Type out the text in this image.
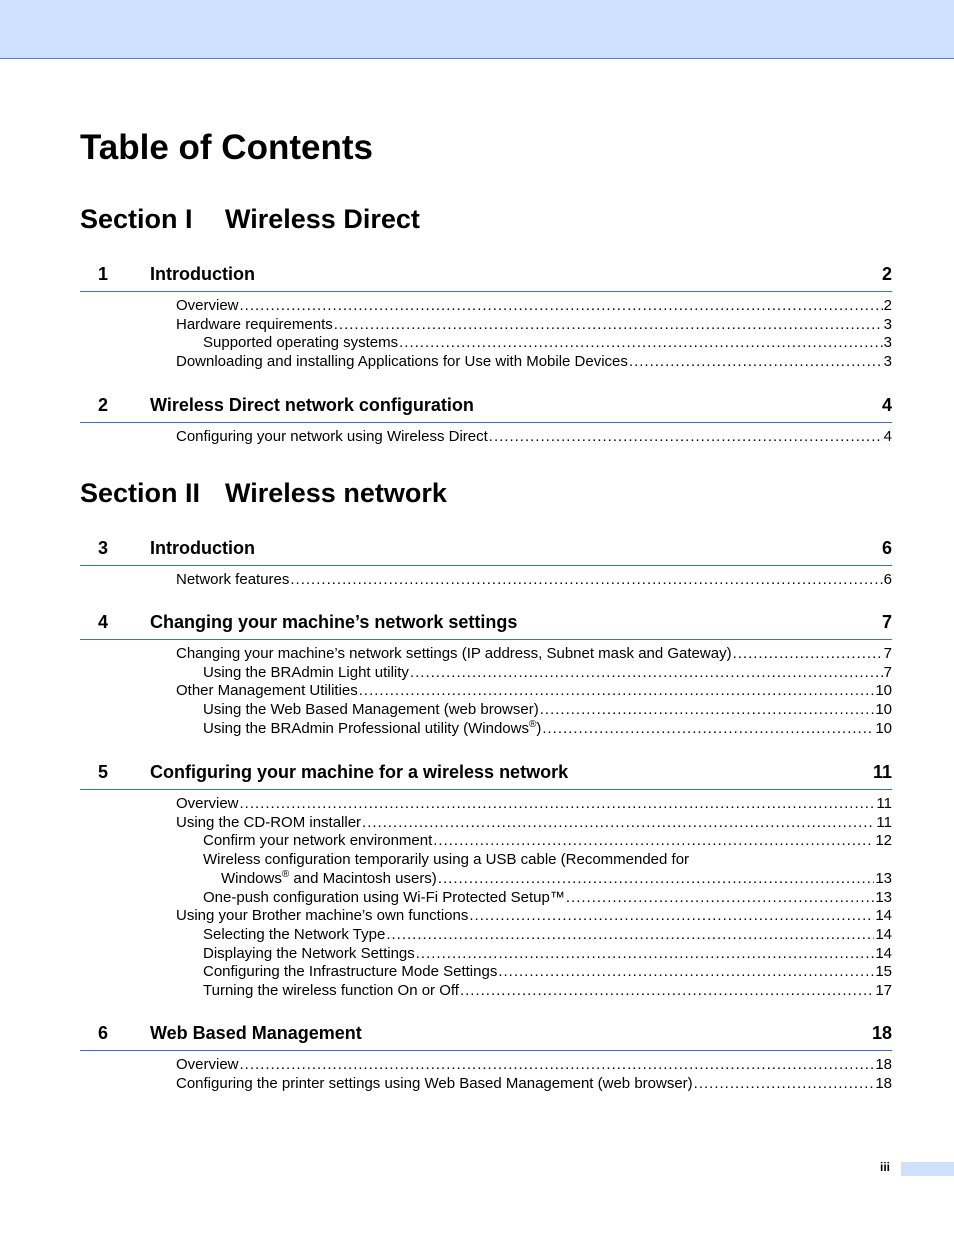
Table of Contents
Section I Wireless Direct
1 Introduction	2
Overview .....	2
Hardware requirements .....	3
Supported operating systems .....	3
Downloading and installing Applications for Use with Mobile Devices .....	3
2 Wireless Direct network configuration	4
Configuring your network using Wireless Direct .....	4
Section II Wireless network
3 Introduction	6
Network features .....	6
4 Changing your machine’s network settings	7
Changing your machine’s network settings (IP address, Subnet mask and Gateway) .....	7
Using the BRAdmin Light utility .....	7
Other Management Utilities .....	10
Using the Web Based Management (web browser) .....	10
Using the BRAdmin Professional utility (Windows®) .....	10
5 Configuring your machine for a wireless network	11
Overview .....	11
Using the CD-ROM installer .....	11
Confirm your network environment .....	12
Wireless configuration temporarily using a USB cable (Recommended for
Windows® and Macintosh users) .....	13
One-push configuration using Wi-Fi Protected Setup™ .....	13
Using your Brother machine’s own functions .....	14
Selecting the Network Type .....	14
Displaying the Network Settings .....	14
Configuring the Infrastructure Mode Settings .....	15
Turning the wireless function On or Off .....	17
6 Web Based Management	18
Overview .....	18
Configuring the printer settings using Web Based Management (web browser) .....	18
iii
